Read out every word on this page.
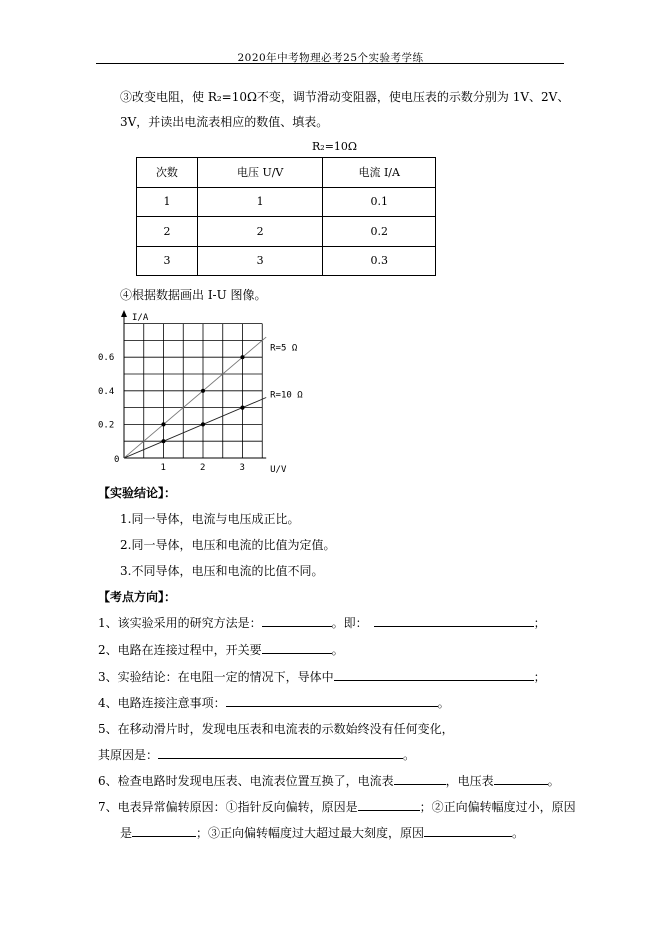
2020年中考物理必考25个实验考学练
③改变电阻，使 R₂=10Ω不变，调节滑动变阻器，使电压表的示数分别为 1V、2V、
3V，并读出电流表相应的数值、填表。
R₂=10Ω
次数	电压 U/V	电流 I/A
1	1	0.1
2	2	0.2
3	3	0.3
④根据数据画出 I-U 图像。
I/A
U/V
0
1	2	3
0.2
0.4
0.6
R=5 Ω
R=10 Ω
【实验结论】：
1.同一导体，电流与电压成正比。
2.同一导体，电压和电流的比值为定值。
3.不同导体，电压和电流的比值不同。
【考点方向】：
1、该实验采用的研究方法是：	。即：	；
2、电路在连接过程中，开关要	。
3、实验结论：在电阻一定的情况下，导体中	；
4、电路连接注意事项：	。
5、在移动滑片时，发现电压表和电流表的示数始终没有任何变化，
其原因是：	。
6、检查电路时发现电压表、电流表位置互换了，电流表	，电压表	。
7、电表异常偏转原因：①指针反向偏转，原因是	；②正向偏转幅度过小，原因
是	；③正向偏转幅度过大超过最大刻度，原因	。
